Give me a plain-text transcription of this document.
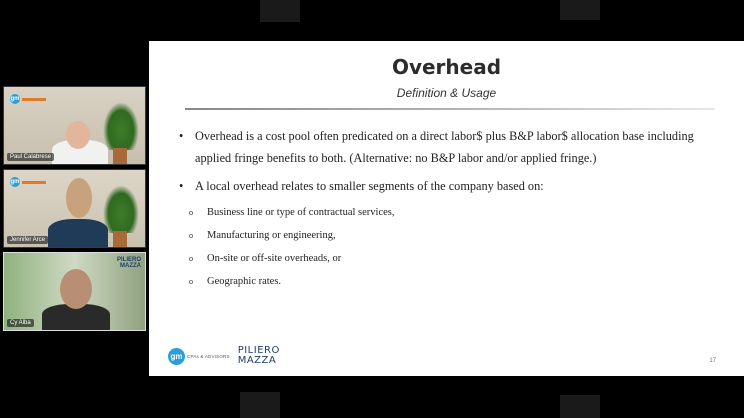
gm
Paul Calabrese
gm
Jennifer Arce
PILIERO
MAZZA
Cy Alba
Overhead
Definition & Usage
• Overhead is a cost pool often predicated on a direct labor$ plus B&P labor$ allocation base including applied fringe benefits to both. (Alternative: no B&P labor and/or applied fringe.)
• A local overhead relates to smaller segments of the company based on:
o Business line or type of contractual services,
o Manufacturing or engineering,
o On-site or off-site overheads, or
o Geographic rates.
gm	CPAs & ADVISORS PILIERO
MAZZA	17
